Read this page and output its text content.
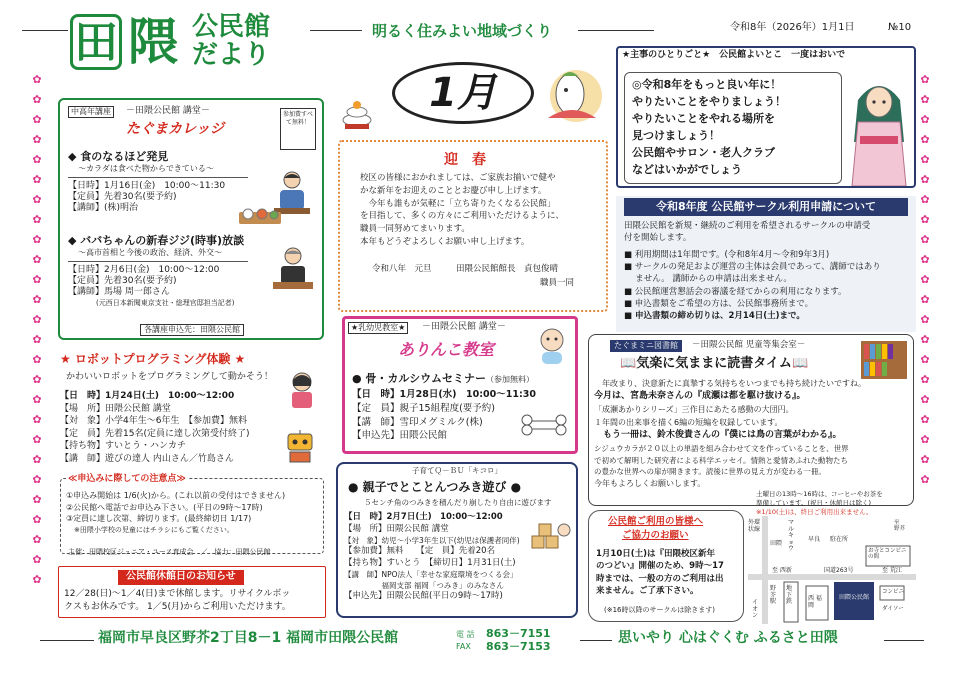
田 隈 公民館
だより
明るく住みよい地域づくり	令和8年（2026年）1月1日	№10
✿
✿
✿
✿
✿
✿
✿
✿
✿
✿
✿
✿
✿
✿
✿
✿
✿
✿
✿
✿
✿
✿
✿
✿
✿
✿
✿
✿
✿
✿
✿
✿
✿
✿
✿
✿
✿
✿
✿
✿
✿
✿
✿
✿
✿
✿
✿
中高年講座	－田隈公民館 講堂－
たぐまカレッジ
参加費すべて無料！
◆ 食のなるほど発見
～カラダは食べた物からできている～
【日時】1月16日(金)　10:00～11:30
【定員】先着30名(要予約)
【講師】(株)明治
◆ ババちゃんの新春ジジ(時事)放談
～高市首相と今後の政治、経済、外交～
【日時】2月6日(金)　10:00～12:00
【定員】先着30名(要予約)
【講師】馬場 周一郎さん
(元西日本新聞東京支社・総理官邸担当記者)
各講座申込先：田隈公民館
★ ロボットプログラミング体験 ★
かわいいロボットをプログラミングして動かそう！
【日　時】1月24日(土)　10:00～12:00
【場　所】田隈公民館 講堂
【対　象】小学4年生～6年生　【参加費】無料
【定　員】先着15名(定員に達し次第受付終了)
【持ち物】すいとう・ハンカチ
【講　師】遊びの達人 内山さん／竹島さん
≪申込みに際しての注意点≫
①申込み開始は 1/6(火)から。(これ以前の受付はできません)
②公民館へ電話でお申込み下さい。(平日の9時～17時)
③定員に達し次第、締切ります。(最終締切日 1/17)
※田隈小学校の児童にはチラシにもご覧ください。
主催：田隈校区ジュニア・ユース育成会　／　協力：田隈公民館
公民館休館日のお知らせ
12／28(日)～1／4(日)まで休館します。リサイクルボッ
クスもお休みです。 1／5(月)からご利用いただけます。
1月
迎　春
校区の皆様におかれましては、ご家族お揃いで健や
かな新年をお迎えのこととお慶び申し上げます。
　今年も誰もが気軽に「立ち寄りたくなる公民館」
を目指して、多くの方々にご利用いただけるように、
職員一同努めてまいります。
本年もどうぞよろしくお願い申し上げます。
令和八年　元旦	田隈公民館館長　貞包俊晴
職員一同
★乳幼児教室★	－田隈公民館 講堂－
ありんこ教室
● 骨・カルシウムセミナー（参加無料）
【日　時】1月28日(水)　10:00～11:30
【定　員】親子15組程度(要予約)
【講　師】雪印メグミルク(株)
【申込先】田隈公民館
子育てＱ－ＢＵ「キコロ」
● 親子でとことんつみき遊び ●
５センチ角のつみきを積んだり崩したり自由に遊びます
【日　時】2月7日(土)　10:00～12:00
【場　所】田隈公民館 講堂
【対　象】幼児～小学3年生以下(幼児は保護者同伴)
【参加費】無料　　【定　員】先着20名
【持ち物】すいとう　【締切日】1月31日(土)
【講　師】NPO法人「幸せな家庭環境をつくる会」
　　　　　福岡支部 福岡「つみき」のみなさん
【申込先】田隈公民館(平日の9時～17時)
★主事のひとりごと★　公民館よいとこ　一度はおいで
◎令和8年をもっと良い年に！
やりたいことをやりましょう！
やりたいことをやれる場所を
見つけましょう！
公民館やサロン・老人クラブ
などはいかがでしょう
令和8年度 公民館サークル利用申請について
田隈公民館を新規・継続のご利用を希望されるサークルの申請受
付を開始します。
■ 利用期間は1年間です。(令和8年4月～令和9年3月)
■ サークルの発足および運営の主体は会員であって、講師ではあり
　 ません。 講師からの申請は出来ません。
■ 公民館運営懇話会の審議を経てからの利用になります。
■ 申込書類をご希望の方は、公民館事務所まで。
■ 申込書類の締め切りは、2月14日(土)まで。
たぐまミニ図書館	－田隈公民館 児童等集会室－
📖気楽に気ままに読書タイム📖
　年改まり、決意新たに真摯する気持ちをいつまでも持ち続けたいですね。
今月は、宮島未奈さんの『成瀬は都を駆け抜ける』。
「成瀬あかりシリーズ」三作目にあたる感動の大団円。
１年間の出来事を描く6編の短編を収録しています。
　もう一冊は、鈴木俊貴さんの『僕には鳥の言葉がわかる』。
シジュウカラが２０以上の単語を組み合わせて文を作っていることを、世界
で初めて解明した研究者による科学エッセイ。情熱と愛情あふれた動物たち
の豊かな世界への扉が開きます。読後に世界の見え方が変わる一冊。
今年もよろしくお願いします。
土曜日の13時～16時は、コーヒーやお茶を
準備しています。(祝日・休館日は除く)
※1/10(土)は、終日ご利用出来ません。
公民館ご利用の皆様へ
ご協力のお願い
1月10日(土)は『田隈校区新年
のつどい』開催のため、9時～17
時までは、一般の方のご利用は出
来ません。ご了承下さい。
(※16時以降のサークルは除きます)
外環状線
田隈
マルキョウ
早良 駐在所
お寺とコンビニの間
至 西新	至 荒江
国道263号
野芥駅
地下鉄
イオン
田隈公民館
西 福岡
コンビニ
ダイソー
至 野芥
福岡市早良区野芥2丁目8－1 福岡市田隈公民館	電 話 863－7151
FAX 863－7153
思いやり 心はぐくむ ふるさと田隈
